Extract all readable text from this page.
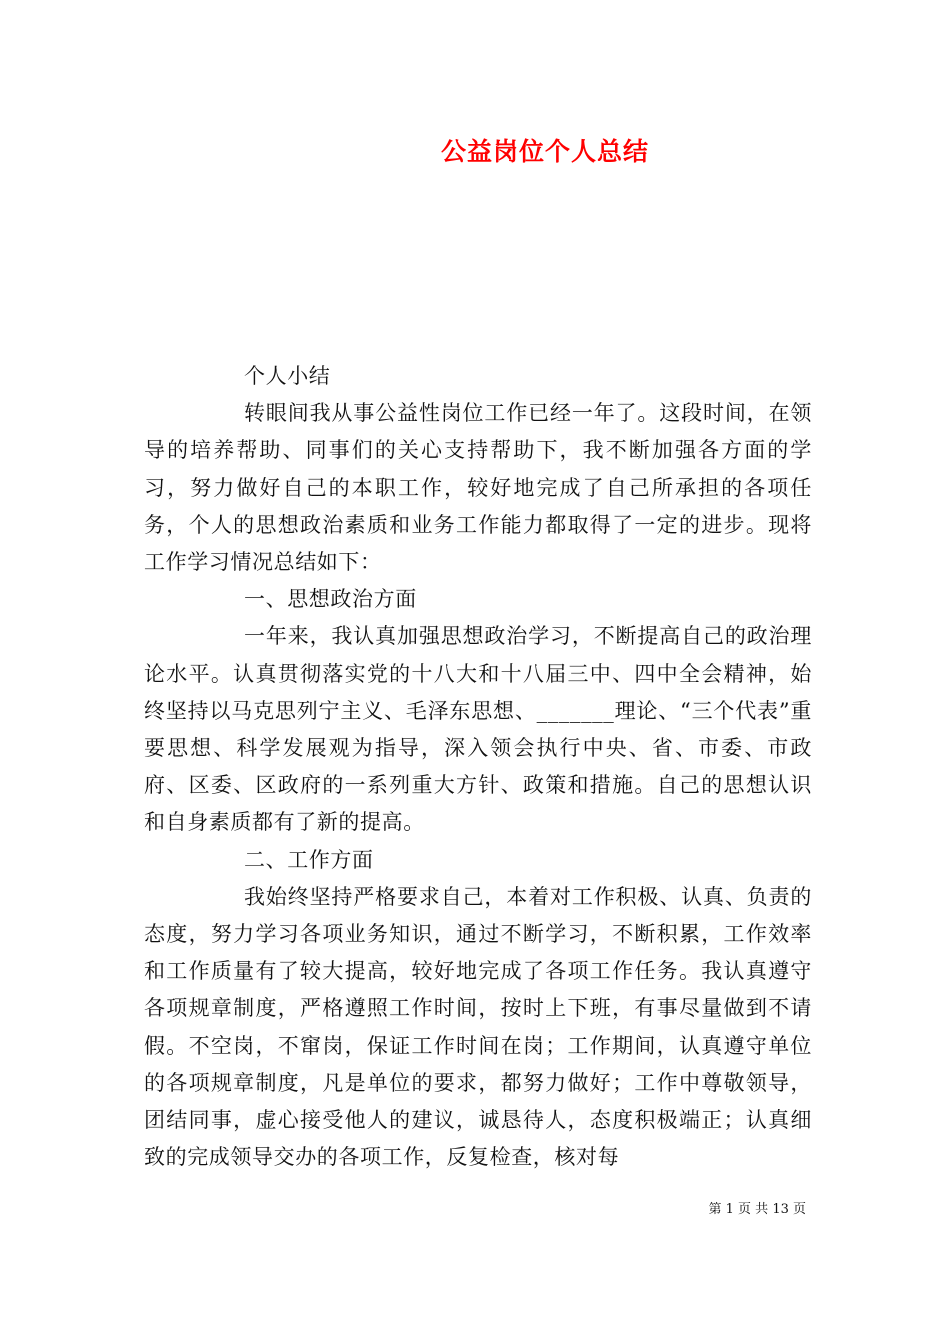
公益岗位个人总结

个人小结

转眼间我从事公益性岗位工作已经一年了。这段时间，在领导的培养帮助、同事们的关心支持帮助下，我不断加强各方面的学习，努力做好自己的本职工作，较好地完成了自己所承担的各项任务，个人的思想政治素质和业务工作能力都取得了一定的进步。现将工作学习情况总结如下：

一、思想政治方面

一年来，我认真加强思想政治学习，不断提高自己的政治理论水平。认真贯彻落实党的十八大和十八届三中、四中全会精神，始终坚持以马克思列宁主义、毛泽东思想、_______理论、“三个代表”重要思想、科学发展观为指导，深入领会执行中央、省、市委、市政府、区委、区政府的一系列重大方针、政策和措施。自己的思想认识和自身素质都有了新的提高。

二、工作方面

我始终坚持严格要求自己，本着对工作积极、认真、负责的态度，努力学习各项业务知识，通过不断学习，不断积累，工作效率和工作质量有了较大提高，较好地完成了各项工作任务。我认真遵守各项规章制度，严格遵照工作时间，按时上下班，有事尽量做到不请假。不空岗，不窜岗，保证工作时间在岗；工作期间，认真遵守单位的各项规章制度，凡是单位的要求，都努力做好；工作中尊敬领导，团结同事，虚心接受他人的建议，诚恳待人，态度积极端正；认真细致的完成领导交办的各项工作，反复检查，核对每

第 1 页 共 13 页
